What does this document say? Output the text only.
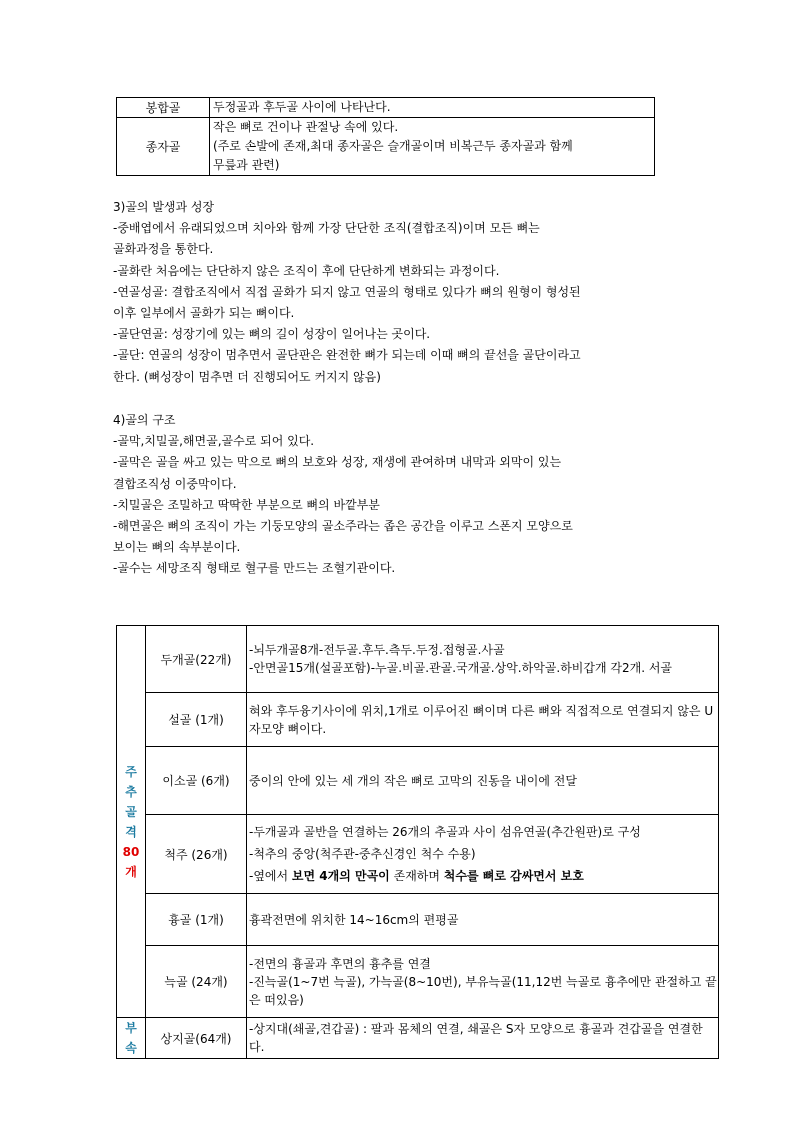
봉합골	두정골과 후두골 사이에 나타난다.
종자골	작은 뼈로 건이나 관절낭 속에 있다.
(주로 손발에 존재,최대 종자골은 슬개골이며 비복근두 종자골과 함께
무릎과 관련)
3)골의 발생과 성장
-중배엽에서 유래되었으며 치아와 함께 가장 단단한 조직(결합조직)이며 모든 뼈는
골화과정을 통한다.
-골화란 처음에는 단단하지 않은 조직이 후에 단단하게 변화되는 과정이다.
-연골성골: 결합조직에서 직접 골화가 되지 않고 연골의 형태로 있다가 뼈의 원형이 형성된
이후 일부에서 골화가 되는 뼈이다.
-골단연골: 성장기에 있는 뼈의 길이 성장이 일어나는 곳이다.
-골단: 연골의 성장이 멈추면서 골단판은 완전한 뼈가 되는데 이때 뼈의 끝선을 골단이라고
한다. (뼈성장이 멈추면 더 진행되어도 커지지 않음)
4)골의 구조
-골막,치밀골,해면골,골수로 되어 있다.
-골막은 골을 싸고 있는 막으로 뼈의 보호와 성장, 재생에 관여하며 내막과 외막이 있는
결합조직성 이중막이다.
-치밀골은 조밀하고 딱딱한 부분으로 뼈의 바깥부분
-해면골은 뼈의 조직이 가는 기둥모양의 골소주라는 좁은 공간을 이루고 스폰지 모양으로
보이는 뼈의 속부분이다.
-골수는 세망조직 형태로 혈구를 만드는 조혈기관이다.
주
추
골
격
80개	두개골(22개)	-뇌두개골8개-전두골.후두.측두.두정.접형골.사골
-안면골15개(설골포함)-누골.비골.관골.국개골.상악.하악골.하비갑개 각2개. 서골

	설골 (1개)	혀와 후두융기사이에 위치,1개로 이루어진 뼈이며 다른 뼈와 직접적으로 연결되지 않은 U자모양 뼈이다.
	이소골 (6개)	중이의 안에 있는 세 개의 작은 뼈로 고막의 진동을 내이에 전달
	척주 (26개)	-두개골과 골반을 연결하는 26개의 추골과 사이 섬유연골(추간원판)로 구성
-척추의 중앙(척주관-중추신경인 척수 수용)
-옆에서 보면 4개의 만곡이 존재하며 척수를 뼈로 감싸면서 보호

	흉골 (1개)	흉곽전면에 위치한 14~16cm의 편평골
	늑골 (24개)	-전면의 흉골과 후면의 흉추를 연결
-진늑골(1~7번 늑골), 가늑골(8~10번), 부유늑골(11,12번 늑골로 흉추에만 관절하고 끝은 떠있음)

부
속	상지골(64개)	-상지대(쇄골,견갑골) : 팔과 몸체의 연결, 쇄골은 S자 모양으로 흉골과 견갑골을 연결한다.
